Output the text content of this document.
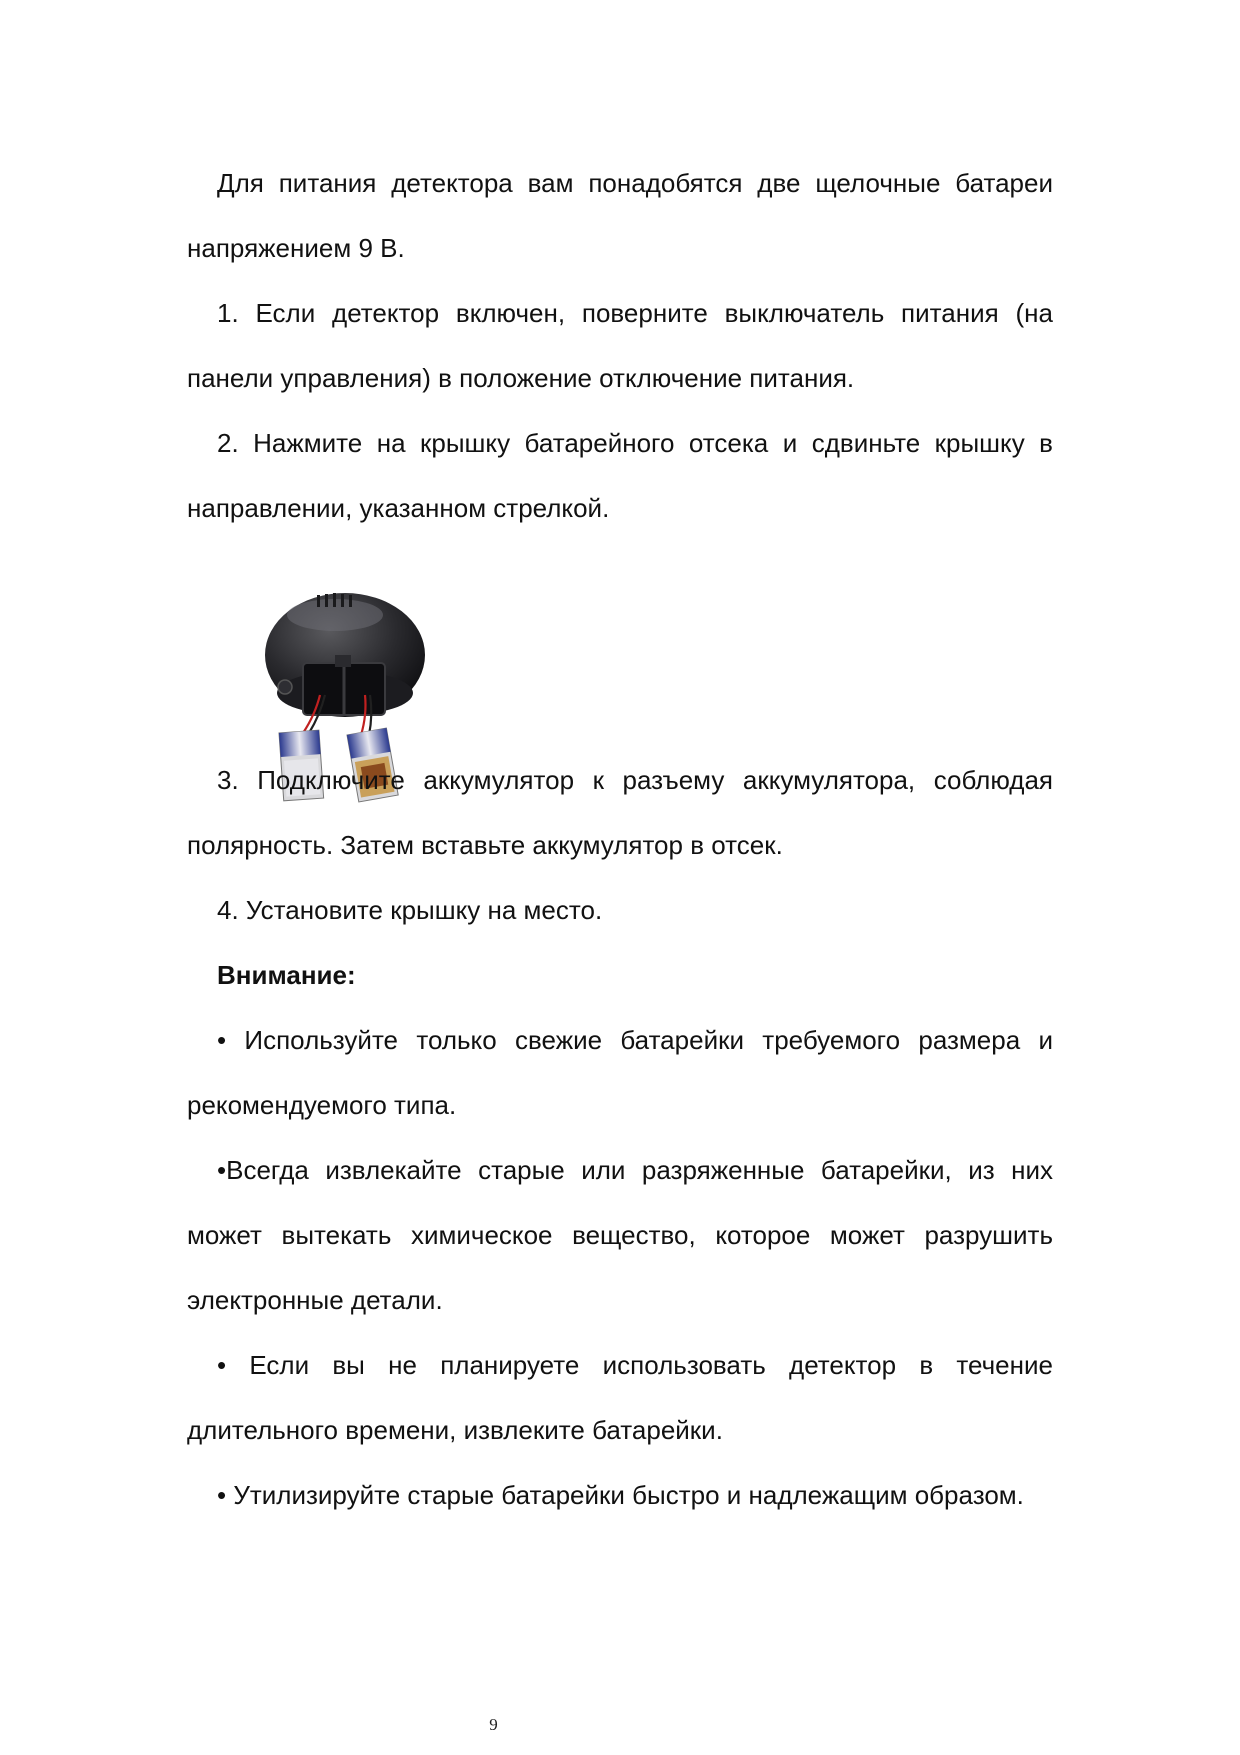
Для питания детектора вам понадобятся две щелочные батареи напряжением 9 В.

1. Если детектор включен, поверните выключатель питания (на панели управления) в положение отключение питания.

2. Нажмите на крышку батарейного отсека и сдвиньте крышку в направлении, указанном стрелкой.

3. Подключите аккумулятор к разъему аккумулятора, соблюдая полярность. Затем вставьте аккумулятор в отсек.

4. Установите крышку на место.

Внимание:

• Используйте только свежие батарейки требуемого размера и рекомендуемого типа.

•Всегда извлекайте старые или разряженные батарейки, из них может вытекать химическое вещество, которое может разрушить электронные детали.

• Если вы не планируете использовать детектор в течение длительного времени, извлеките батарейки.

• Утилизируйте старые батарейки быстро и надлежащим образом.

9
